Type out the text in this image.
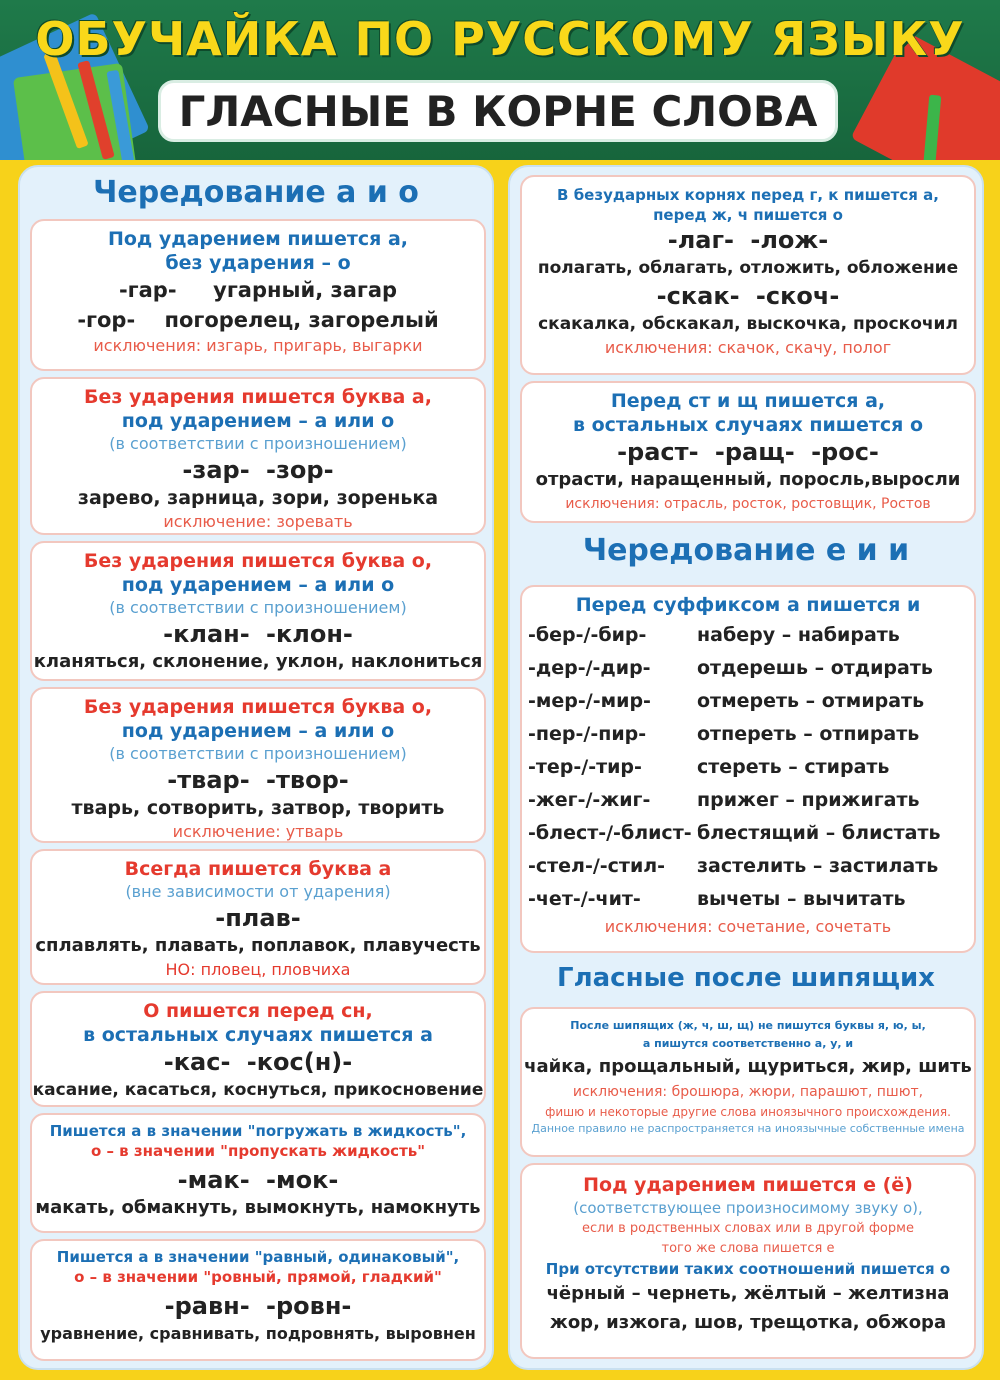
ОБУЧАЙКА ПО РУССКОМУ ЯЗЫКУ
ГЛАСНЫЕ В КОРНЕ СЛОВА
Чередование а и о
Под ударением пишется а,
без ударения – о
-гар- угарный, загар
-гор- погорелец, загорелый
исключения: изгарь, пригарь, выгарки
Без ударения пишется буква а,
под ударением – а или о
(в соответствии с произношением)
-зар- -зор-
зарево, зарница, зори, зоренька
исключение: зоревать
Без ударения пишется буква о,
под ударением – а или о
(в соответствии с произношением)
-клан- -клон-
кланяться, склонение, уклон, наклониться
Без ударения пишется буква о,
под ударением – а или о
(в соответствии с произношением)
-твар- -твор-
тварь, сотворить, затвор, творить
исключение: утварь
Всегда пишется буква а
(вне зависимости от ударения)
-плав-
сплавлять, плавать, поплавок, плавучесть
НО: пловец, пловчиха
О пишется перед сн,
в остальных случаях пишется а
-кас- -кос(н)-
касание, касаться, коснуться, прикосновение
Пишется а в значении "погружать в жидкость",
о – в значении "пропускать жидкость"
-мак- -мок-
макать, обмакнуть, вымокнуть, намокнуть
Пишется а в значении "равный, одинаковый",
о – в значении "ровный, прямой, гладкий"
-равн- -ровн-
уравнение, сравнивать, подровнять, выровнен
В безударных корнях перед г, к пишется а,
перед ж, ч пишется о
-лаг- -лож-
полагать, облагать, отложить, обложение
-скак- -скоч-
скакалка, обскакал, выскочка, проскочил
исключения: скачок, скачу, полог
Перед ст и щ пишется а,
в остальных случаях пишется о
-раст- -ращ- -рос-
отрасти, наращенный, поросль,выросли
исключения: отрасль, росток, ростовщик, Ростов
Чередование е и и
Перед суффиксом а пишется и
-бер-/-бир-	наберу – набирать
-дер-/-дир-	отдерешь – отдирать
-мер-/-мир-	отмереть – отмирать
-пер-/-пир-	отпереть – отпирать
-тер-/-тир-	стереть – стирать
-жег-/-жиг-	прижег – прижигать
-блест-/-блист- блестящий – блистать
-стел-/-стил-	застелить – застилать
-чет-/-чит-	вычеты – вычитать
исключения: сочетание, сочетать
Гласные после шипящих
После шипящих (ж, ч, ш, щ) не пишутся буквы я, ю, ы,
а пишутся соответственно а, у, и
чайка, прощальный, щуриться, жир, шить
исключения: брошюра, жюри, парашют, пшют,
фишю и некоторые другие слова иноязычного происхождения.
Данное правило не распространяется на иноязычные собственные имена
Под ударением пишется е (ё)
(соответствующее произносимому звуку о),
если в родственных словах или в другой форме
того же слова пишется е
При отсутствии таких соотношений пишется о
чёрный – чернеть, жёлтый – желтизна
жор, изжога, шов, трещотка, обжора
